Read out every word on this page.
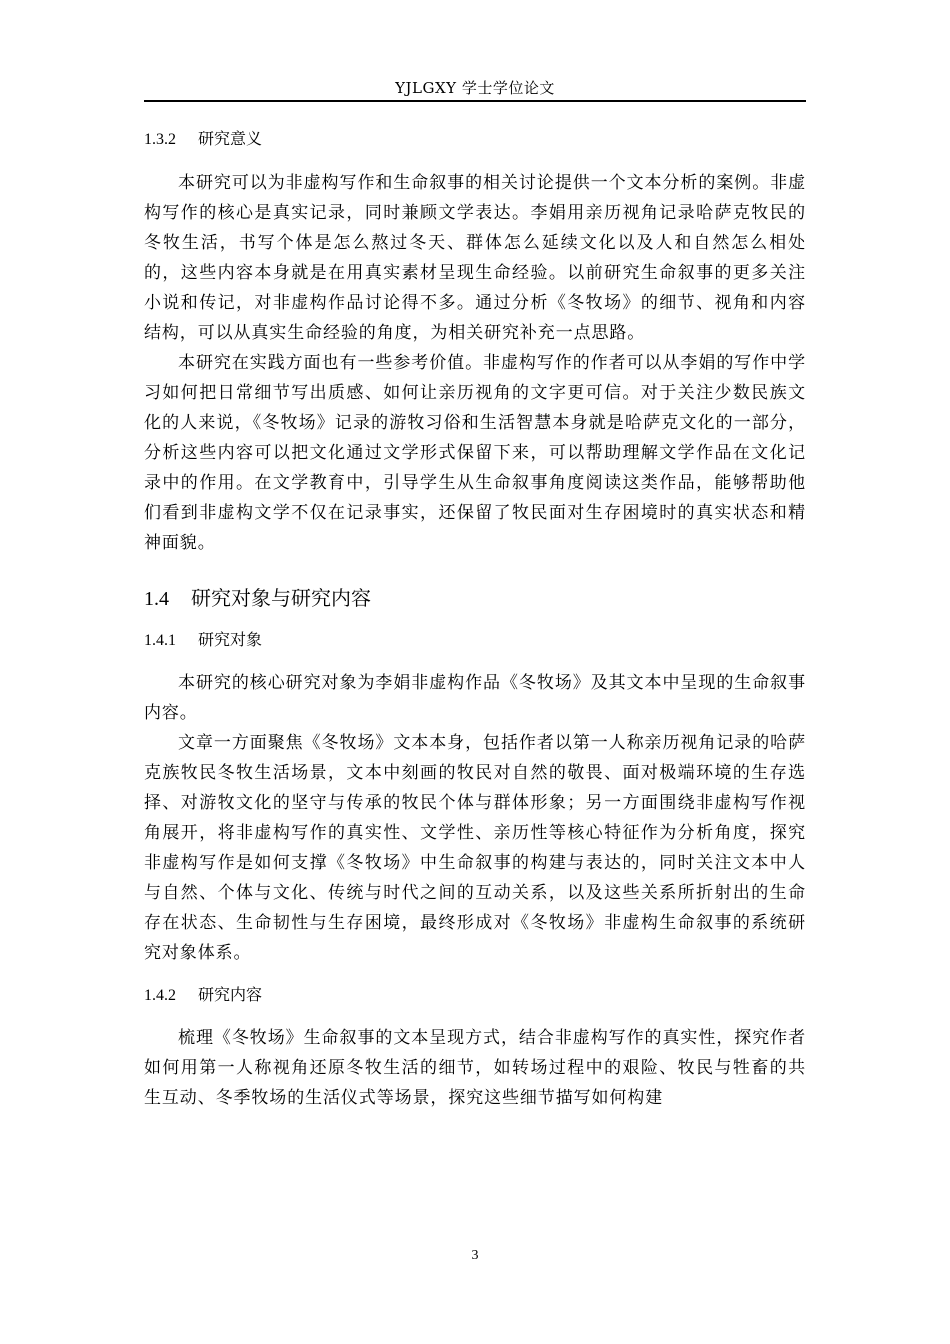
YJLGXY 学士学位论文
1.3.2 研究意义

本研究可以为非虚构写作和生命叙事的相关讨论提供一个文本分析的案例。非虚构写作的核心是真实记录，同时兼顾文学表达。李娟用亲历视角记录哈萨克牧民的冬牧生活，书写个体是怎么熬过冬天、群体怎么延续文化以及人和自然怎么相处的，这些内容本身就是在用真实素材呈现生命经验。以前研究生命叙事的更多关注小说和传记，对非虚构作品讨论得不多。通过分析《冬牧场》的细节、视角和内容结构，可以从真实生命经验的角度，为相关研究补充一点思路。

本研究在实践方面也有一些参考价值。非虚构写作的作者可以从李娟的写作中学习如何把日常细节写出质感、如何让亲历视角的文字更可信。对于关注少数民族文化的人来说，《冬牧场》记录的游牧习俗和生活智慧本身就是哈萨克文化的一部分，分析这些内容可以把文化通过文学形式保留下来，可以帮助理解文学作品在文化记录中的作用。在文学教育中，引导学生从生命叙事角度阅读这类作品，能够帮助他们看到非虚构文学不仅在记录事实，还保留了牧民面对生存困境时的真实状态和精神面貌。

1.4 研究对象与研究内容
1.4.1 研究对象

本研究的核心研究对象为李娟非虚构作品《冬牧场》及其文本中呈现的生命叙事内容。

文章一方面聚焦《冬牧场》文本本身，包括作者以第一人称亲历视角记录的哈萨克族牧民冬牧生活场景，文本中刻画的牧民对自然的敬畏、面对极端环境的生存选择、对游牧文化的坚守与传承的牧民个体与群体形象；另一方面围绕非虚构写作视角展开，将非虚构写作的真实性、文学性、亲历性等核心特征作为分析角度，探究非虚构写作是如何支撑《冬牧场》中生命叙事的构建与表达的，同时关注文本中人与自然、个体与文化、传统与时代之间的互动关系，以及这些关系所折射出的生命存在状态、生命韧性与生存困境，最终形成对《冬牧场》非虚构生命叙事的系统研究对象体系。

1.4.2 研究内容

梳理《冬牧场》生命叙事的文本呈现方式，结合非虚构写作的真实性，探究作者如何用第一人称视角还原冬牧生活的细节，如转场过程中的艰险、牧民与牲畜的共生互动、冬季牧场的生活仪式等场景，探究这些细节描写如何构建

3
